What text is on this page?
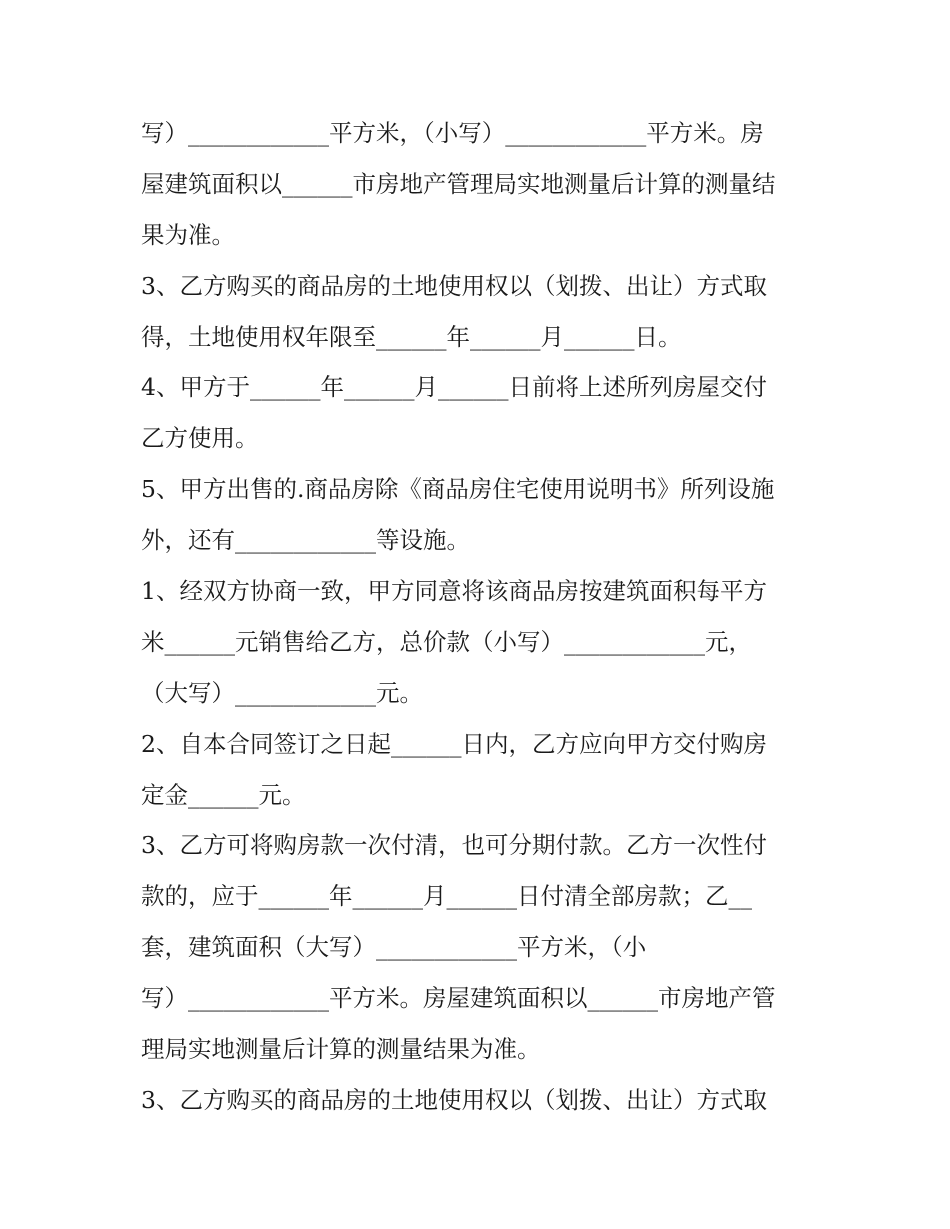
写）____________平方米，（小写）____________平方米。房
屋建筑面积以______市房地产管理局实地测量后计算的测量结
果为准。
3、乙方购买的商品房的土地使用权以（划拨、出让）方式取
得，土地使用权年限至______年______月______日。
4、甲方于______年______月______日前将上述所列房屋交付
乙方使用。
5、甲方出售的.商品房除《商品房住宅使用说明书》所列设施
外，还有____________等设施。
1、经双方协商一致，甲方同意将该商品房按建筑面积每平方
米______元销售给乙方，总价款（小写）____________元，
（大写）____________元。
2、自本合同签订之日起______日内，乙方应向甲方交付购房
定金______元。
3、乙方可将购房款一次付清，也可分期付款。乙方一次性付
款的，应于______年______月______日付清全部房款；乙__
套，建筑面积（大写）____________平方米，（小
写）____________平方米。房屋建筑面积以______市房地产管
理局实地测量后计算的测量结果为准。
3、乙方购买的商品房的土地使用权以（划拨、出让）方式取
